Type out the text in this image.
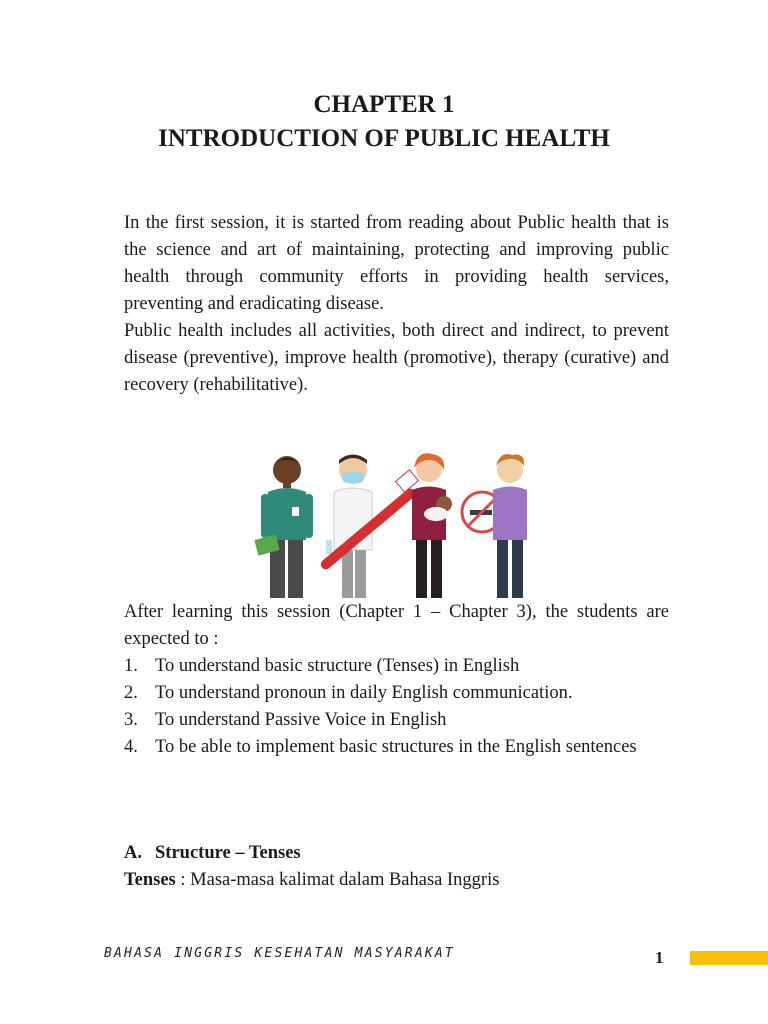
CHAPTER 1
INTRODUCTION OF PUBLIC HEALTH

In the first session, it is started from reading about Public health that is the science and art of maintaining, protecting and improving public health through community efforts in providing health services, preventing and eradicating disease.

Public health includes all activities, both direct and indirect, to prevent disease (preventive), improve health (promotive), therapy (curative) and recovery (rehabilitative).

After learning this session (Chapter 1 – Chapter 3), the students are expected to :

1. To understand basic structure (Tenses) in English
2. To understand pronoun in daily English communication.
3. To understand Passive Voice in English
4. To be able to implement basic structures in the English sentences
A. Structure – Tenses

Tenses : Masa-masa kalimat dalam Bahasa Inggris

BAHASA INGGRIS KESEHATAN MASYARAKAT	1
